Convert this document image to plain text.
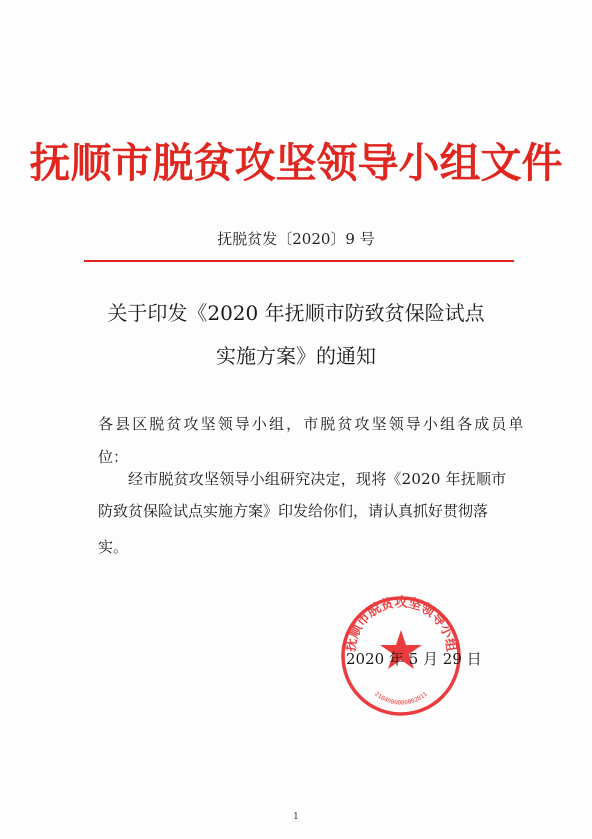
抚顺市脱贫攻坚领导小组文件
抚脱贫发〔2020〕9 号
关于印发《2020 年抚顺市防致贫保险试点
实施方案》的通知
各县区脱贫攻坚领导小组，市脱贫攻坚领导小组各成员单
位：
经市脱贫攻坚领导小组研究决定，现将《2020 年抚顺市
防致贫保险试点实施方案》印发给你们，请认真抓好贯彻落
实。
抚顺市脱贫攻坚领导小组
2104000000002811
2020 年 5 月 29 日
1
